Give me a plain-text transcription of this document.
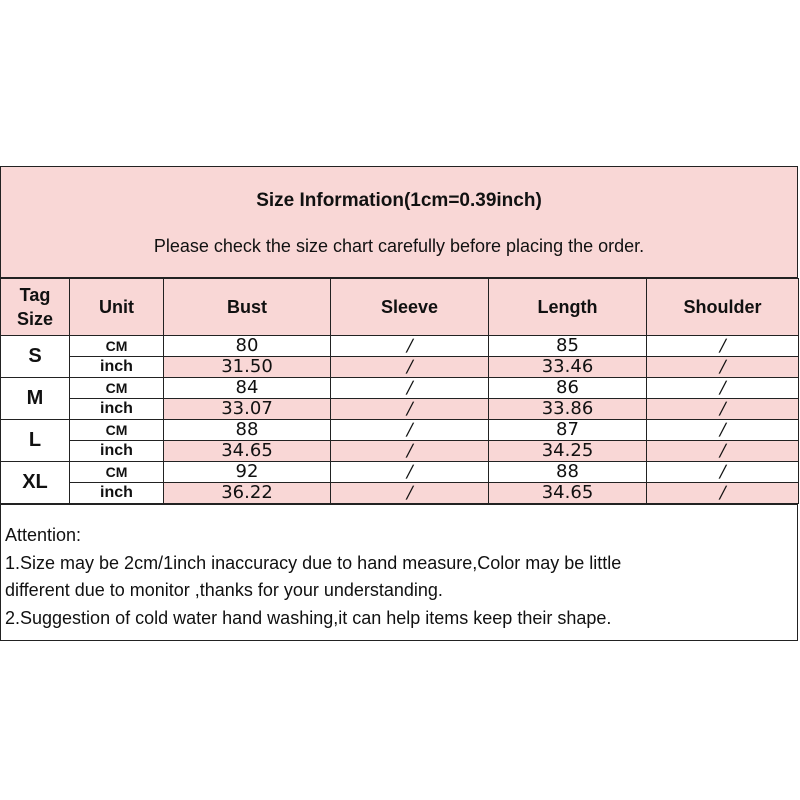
Size Information(1cm=0.39inch)
Please check the size chart carefully before placing the order.
Tag
Size	Unit	Bust	Sleeve	Length	Shoulder
S	CM	80	/	85	/
	inch	31.50	/	33.46	/
M	CM	84	/	86	/
	inch	33.07	/	33.86	/
L	CM	88	/	87	/
	inch	34.65	/	34.25	/
XL	CM	92	/	88	/
	inch	36.22	/	34.65	/
Attention:
1.Size may be 2cm/1inch inaccuracy due to hand measure,Color may be little
different due to monitor ,thanks for your understanding.
2.Suggestion of cold water hand washing,it can help items keep their shape.
